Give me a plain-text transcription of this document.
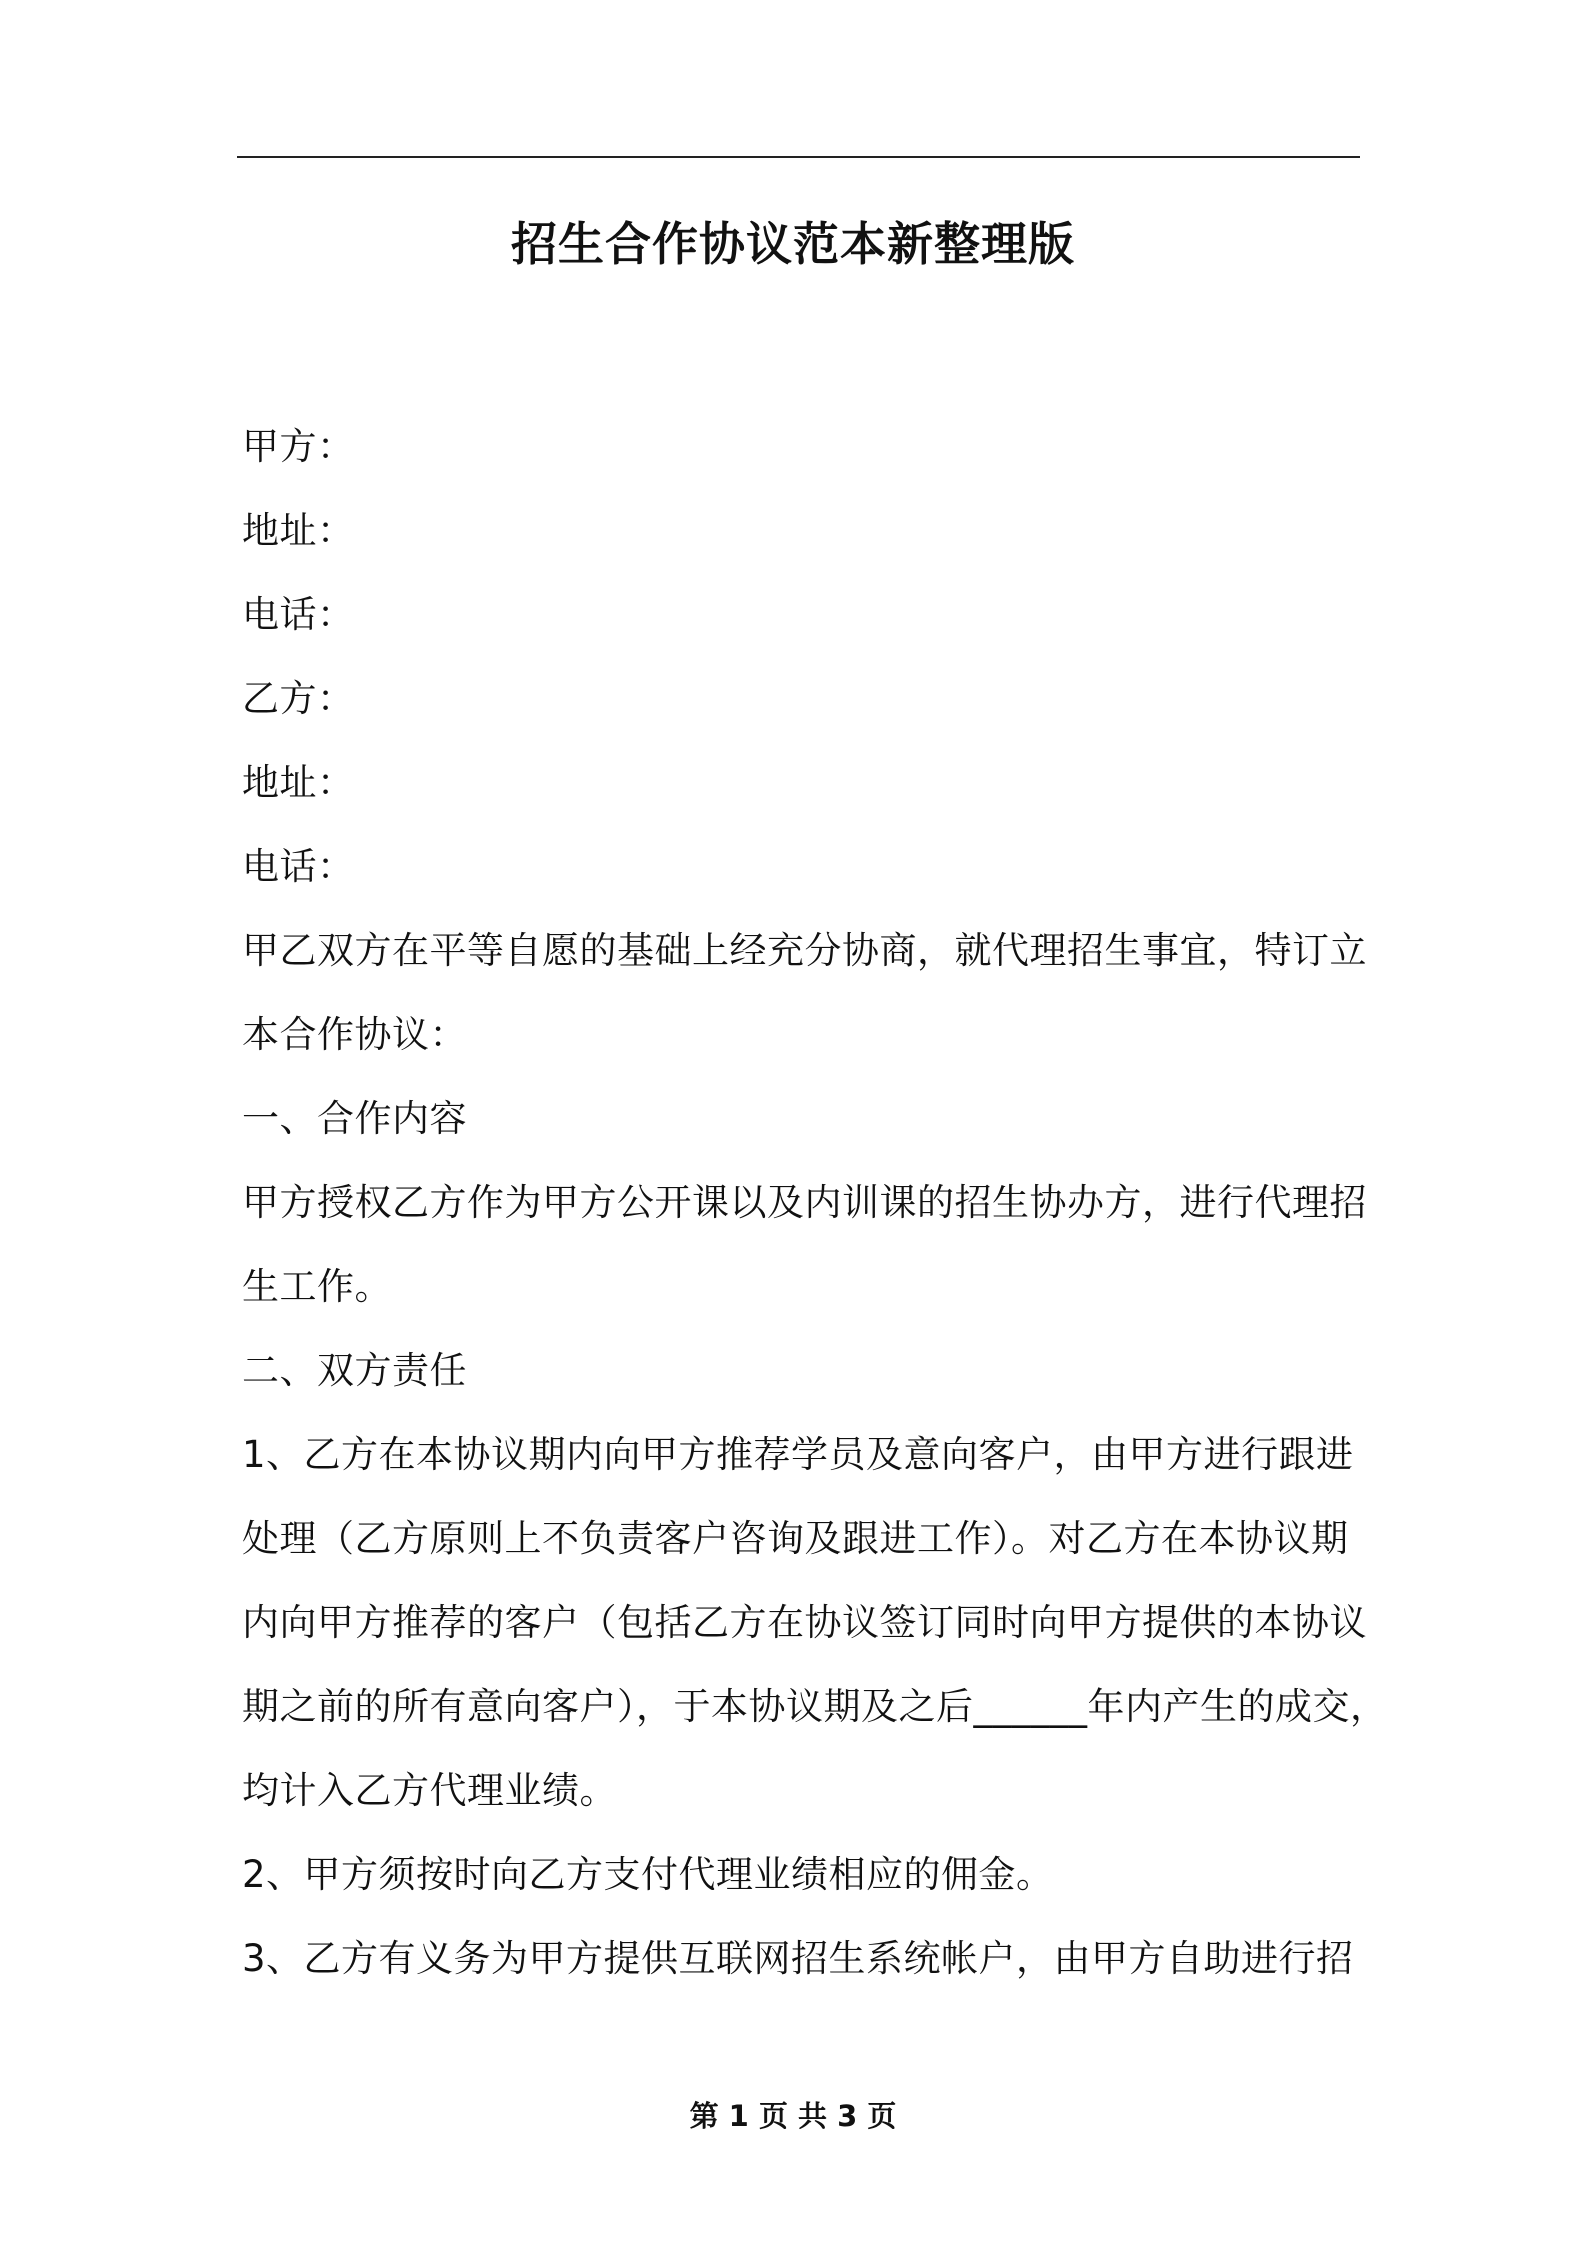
招生合作协议范本新整理版
甲方：
地址：
电话：
乙方：
地址：
电话：
甲乙双方在平等自愿的基础上经充分协商，就代理招生事宜，特订立
本合作协议：
一、合作内容
甲方授权乙方作为甲方公开课以及内训课的招生协办方，进行代理招
生工作。
二、双方责任
1、乙方在本协议期内向甲方推荐学员及意向客户，由甲方进行跟进
处理（乙方原则上不负责客户咨询及跟进工作）。对乙方在本协议期
内向甲方推荐的客户（包括乙方在协议签订同时向甲方提供的本协议
期之前的所有意向客户），于本协议期及之后______年内产生的成交，
均计入乙方代理业绩。
2、甲方须按时向乙方支付代理业绩相应的佣金。
3、乙方有义务为甲方提供互联网招生系统帐户，由甲方自助进行招
第 1 页 共 3 页
